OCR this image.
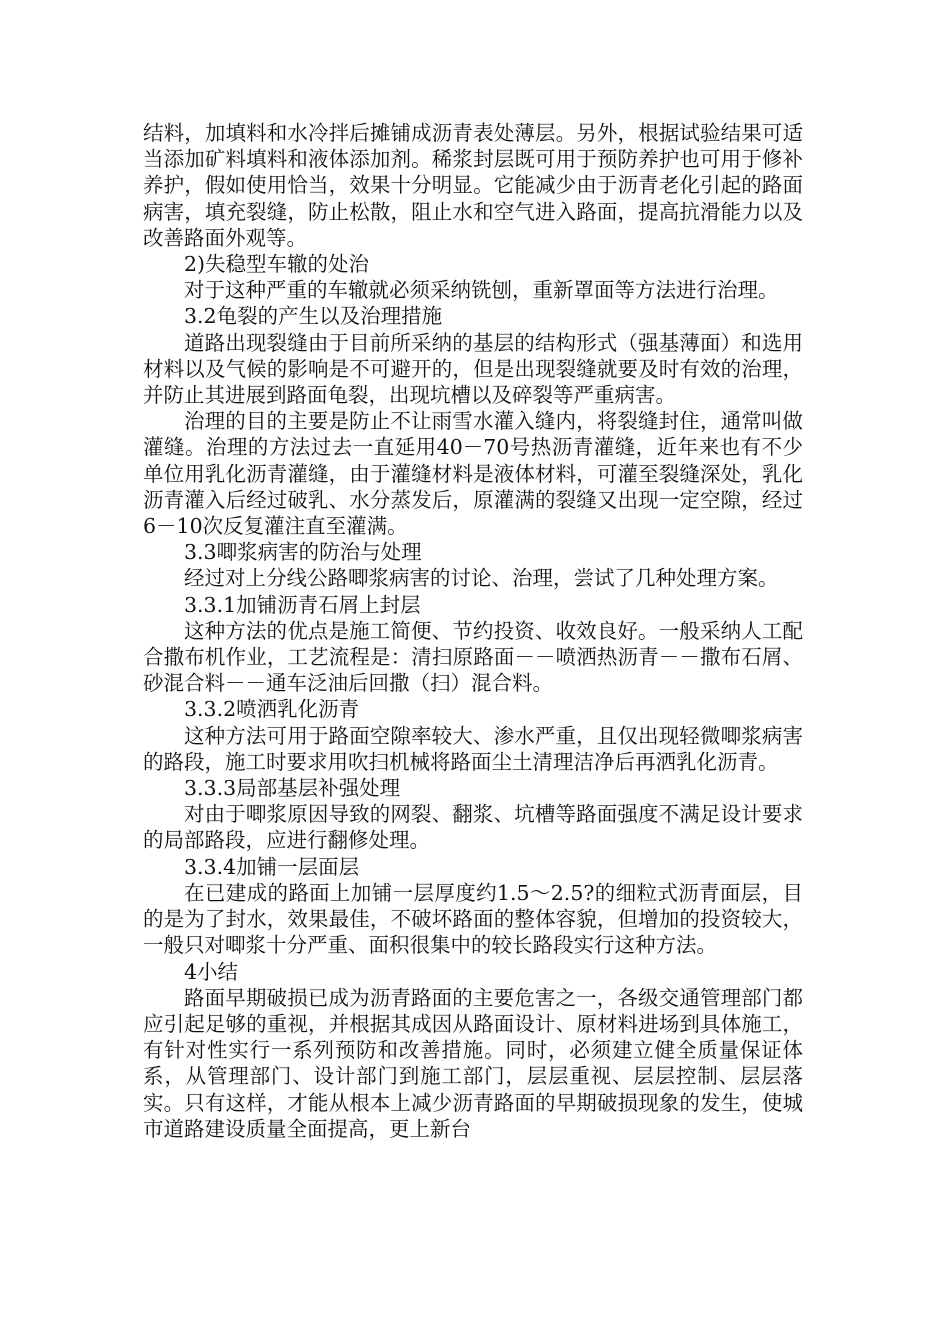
结料，加填料和水冷拌后摊铺成沥青表处薄层。另外，根据试验结果可适当添加矿料填料和液体添加剂。稀浆封层既可用于预防养护也可用于修补养护，假如使用恰当，效果十分明显。它能减少由于沥青老化引起的路面病害，填充裂缝，防止松散，阻止水和空气进入路面，提高抗滑能力以及改善路面外观等。

2)失稳型车辙的处治

对于这种严重的车辙就必须采纳铣刨，重新罩面等方法进行治理。

3.2龟裂的产生以及治理措施

道路出现裂缝由于目前所采纳的基层的结构形式（强基薄面）和选用材料以及气候的影响是不可避开的，但是出现裂缝就要及时有效的治理，并防止其进展到路面龟裂，出现坑槽以及碎裂等严重病害。

治理的目的主要是防止不让雨雪水灌入缝内，将裂缝封住，通常叫做灌缝。治理的方法过去一直延用40－70号热沥青灌缝，近年来也有不少单位用乳化沥青灌缝，由于灌缝材料是液体材料，可灌至裂缝深处，乳化沥青灌入后经过破乳、水分蒸发后，原灌满的裂缝又出现一定空隙，经过6－10次反复灌注直至灌满。

3.3唧浆病害的防治与处理

经过对上分线公路唧浆病害的讨论、治理，尝试了几种处理方案。

3.3.1加铺沥青石屑上封层

这种方法的优点是施工简便、节约投资、收效良好。一般采纳人工配合撒布机作业，工艺流程是：清扫原路面－－喷洒热沥青－－撒布石屑、砂混合料－－通车泛油后回撒（扫）混合料。

3.3.2喷洒乳化沥青

这种方法可用于路面空隙率较大、渗水严重，且仅出现轻微唧浆病害的路段，施工时要求用吹扫机械将路面尘土清理洁净后再洒乳化沥青。

3.3.3局部基层补强处理

对由于唧浆原因导致的网裂、翻浆、坑槽等路面强度不满足设计要求的局部路段，应进行翻修处理。

3.3.4加铺一层面层

在已建成的路面上加铺一层厚度约1.5～2.5?的细粒式沥青面层，目的是为了封水，效果最佳，不破坏路面的整体容貌，但增加的投资较大，一般只对唧浆十分严重、面积很集中的较长路段实行这种方法。

4小结

路面早期破损已成为沥青路面的主要危害之一，各级交通管理部门都应引起足够的重视，并根据其成因从路面设计、原材料进场到具体施工，有针对性实行一系列预防和改善措施。同时，必须建立健全质量保证体系，从管理部门、设计部门到施工部门，层层重视、层层控制、层层落实。只有这样，才能从根本上减少沥青路面的早期破损现象的发生，使城市道路建设质量全面提高，更上新台
